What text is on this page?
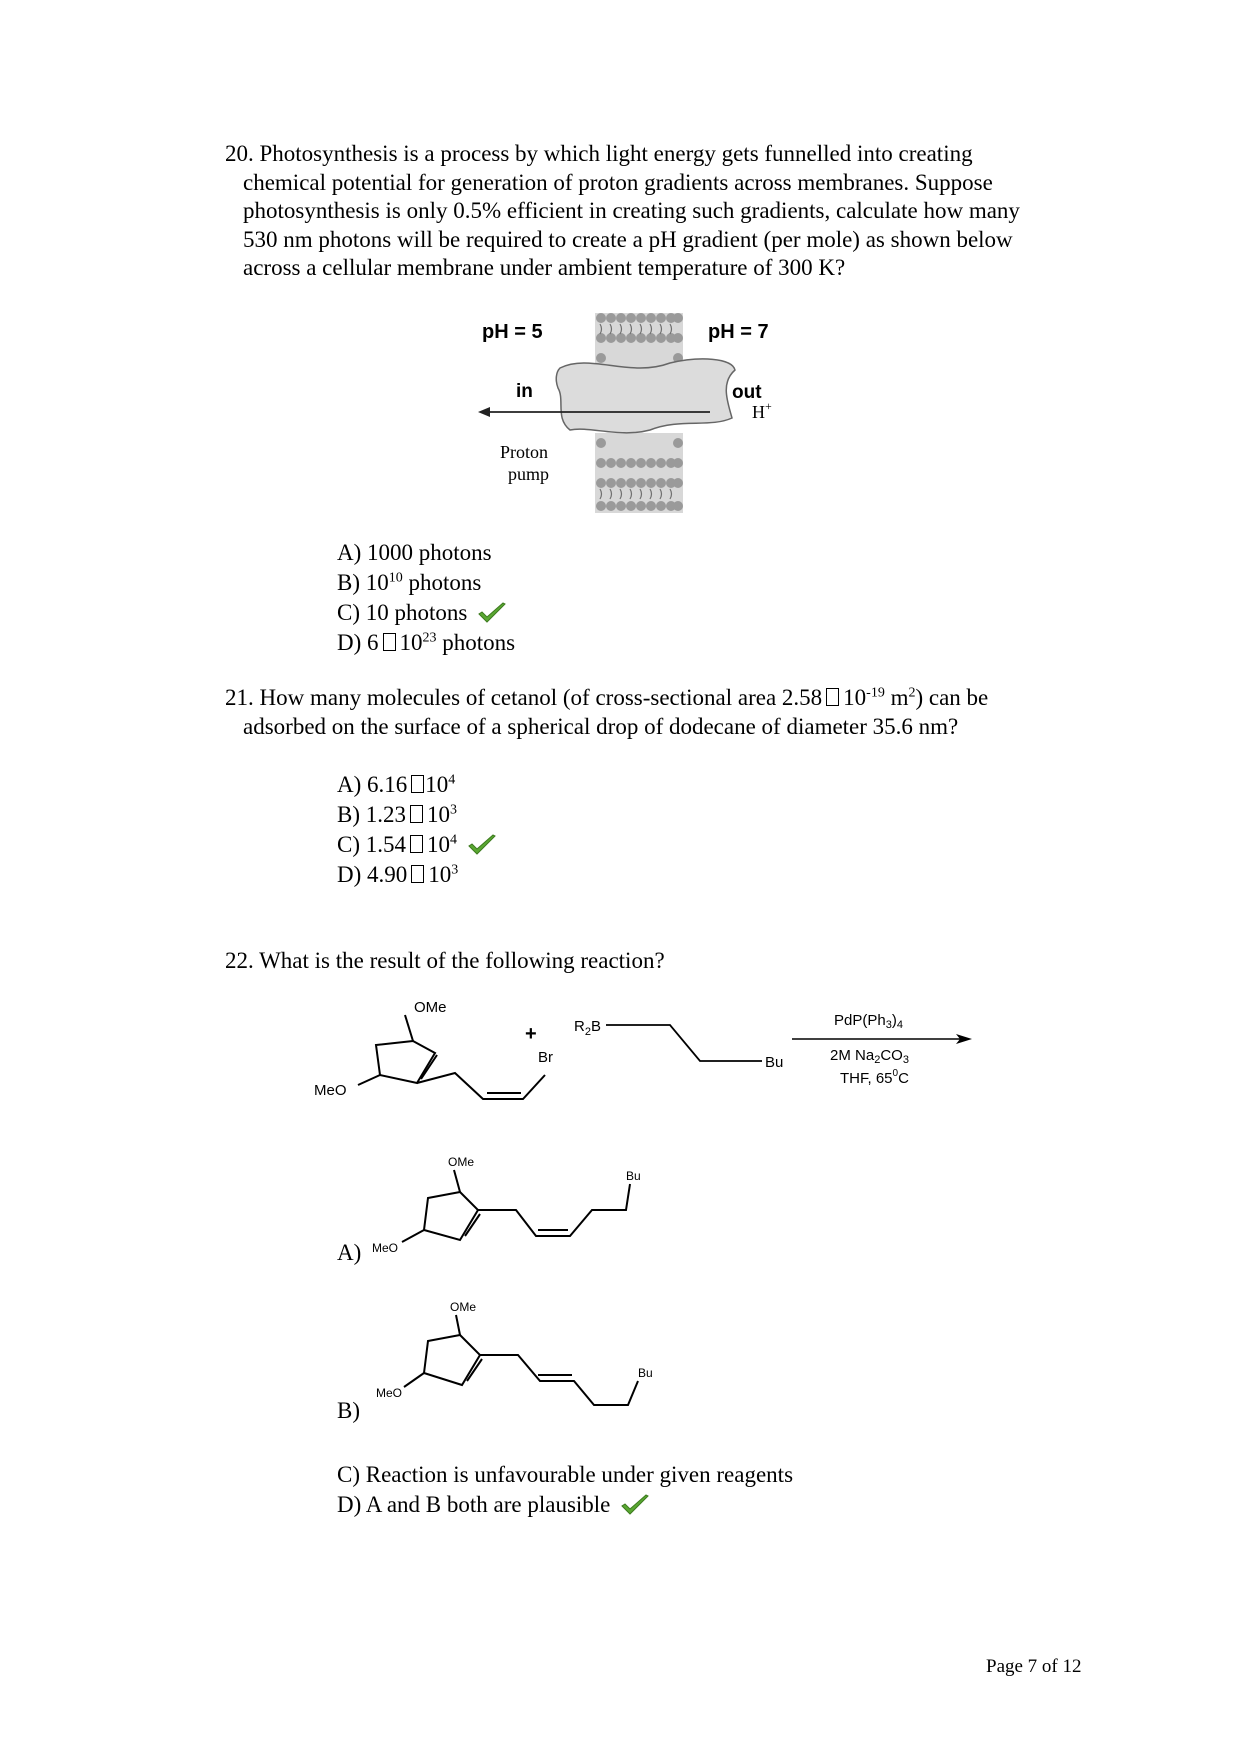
20. Photosynthesis is a process by which light energy gets funnelled into creating
chemical potential for generation of proton gradients across membranes. Suppose
photosynthesis is only 0.5% efficient in creating such gradients, calculate how many
530 nm photons will be required to create a pH gradient (per mole) as shown below
across a cellular membrane under ambient temperature of 300 K?
pH = 5	pH = 7
in	out
H+
Proton
pump
A) 1000 photons
B) $10^{10}$ photons
C) 10 photons
D) 6 $10^{23}$ photons
21. How many molecules of cetanol (of cross-sectional area 2.58 $10^{-19}$ $m^2$) can be
adsorbed on the surface of a spherical drop of dodecane of diameter 35.6 nm?
A) 6.16 $10^4$
B) 1.23 $10^3$
C) 1.54 $10^4$
D) 4.90 $10^3$
22. What is the result of the following reaction?
OMe
MeO
+
Br
$R_2B$
Bu
$PdP(Ph_3)_4$
2M $Na_2CO_3$
THF, $65^0C$
A)
OMe
MeO
Bu
B)
OMe
MeO
Bu
C) Reaction is unfavourable under given reagents
D) A and B both are plausible
Page 7 of 12
